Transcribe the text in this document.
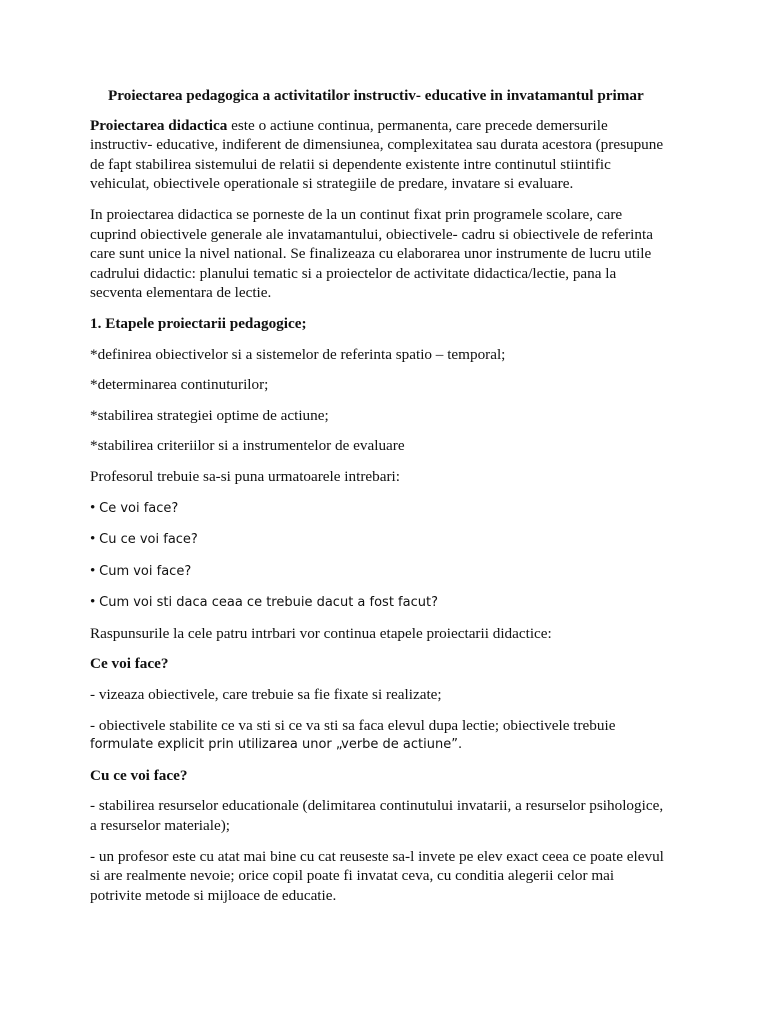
Proiectarea pedagogica a activitatilor instructiv- educative in invatamantul primar

Proiectarea didactica este o actiune continua, permanenta, care precede demersurile
instructiv- educative, indiferent de dimensiunea, complexitatea sau durata acestora (presupune
de fapt stabilirea sistemului de relatii si dependente existente intre continutul stiintific
vehiculat, obiectivele operationale si strategiile de predare, invatare si evaluare.

In proiectarea didactica se porneste de la un continut fixat prin programele scolare, care
cuprind obiectivele generale ale invatamantului, obiectivele- cadru si obiectivele de referinta
care sunt unice la nivel national. Se finalizeaza cu elaborarea unor instrumente de lucru utile
cadrului didactic: planului tematic si a proiectelor de activitate didactica/lectie, pana la
secventa elementara de lectie.

1. Etapele proiectarii pedagogice;

*definirea obiectivelor si a sistemelor de referinta spatio – temporal;

*determinarea continuturilor;

*stabilirea strategiei optime de actiune;

*stabilirea criteriilor si a instrumentelor de evaluare

Profesorul trebuie sa-si puna urmatoarele intrebari:

• Ce voi face?

• Cu ce voi face?

• Cum voi face?

• Cum voi sti daca ceaa ce trebuie dacut a fost facut?

Raspunsurile la cele patru intrbari vor continua etapele proiectarii didactice:

Ce voi face?

- vizeaza obiectivele, care trebuie sa fie fixate si realizate;

- obiectivele stabilite ce va sti si ce va sti sa faca elevul dupa lectie; obiectivele trebuie
formulate explicit prin utilizarea unor „verbe de actiune”.

Cu ce voi face?

- stabilirea resurselor educationale (delimitarea continutului invatarii, a resurselor psihologice,
a resurselor materiale);

- un profesor este cu atat mai bine cu cat reuseste sa-l invete pe elev exact ceea ce poate elevul
si are realmente nevoie; orice copil poate fi invatat ceva, cu conditia alegerii celor mai
potrivite metode si mijloace de educatie.
